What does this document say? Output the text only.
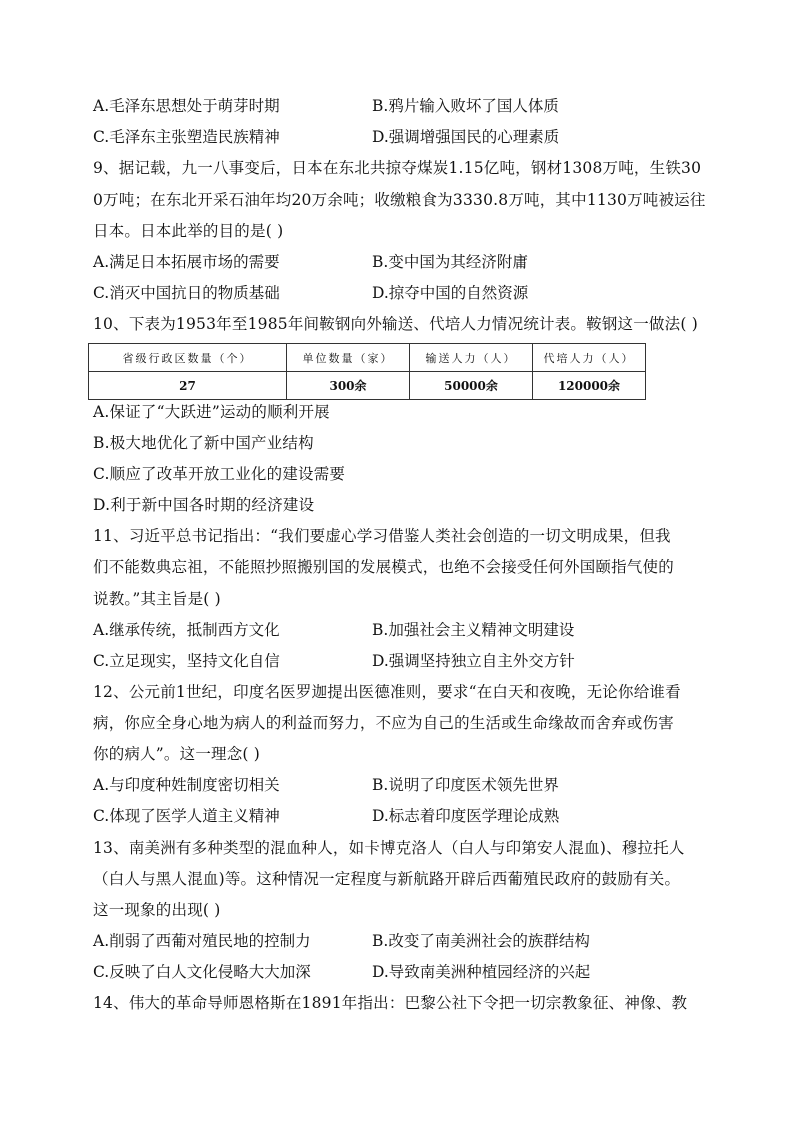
A.毛泽东思想处于萌芽时期	B.鸦片输入败坏了国人体质
C.毛泽东主张塑造民族精神	D.强调增强国民的心理素质
9、据记载，九一八事变后，日本在东北共掠夺煤炭1.15亿吨，钢材1308万吨，生铁30
0万吨；在东北开采石油年均20万余吨；收缴粮食为3330.8万吨，其中1130万吨被运往
日本。日本此举的目的是( )
A.满足日本拓展市场的需要	B.变中国为其经济附庸
C.消灭中国抗日的物质基础	D.掠夺中国的自然资源
10、下表为1953年至1985年间鞍钢向外输送、代培人力情况统计表。鞍钢这一做法( )
省级行政区数量（个）	单位数量（家）	输送人力（人）	代培人力（人）
27	300余	50000余	120000余
A.保证了“大跃进”运动的顺利开展
B.极大地优化了新中国产业结构
C.顺应了改革开放工业化的建设需要
D.利于新中国各时期的经济建设
11、习近平总书记指出：“我们要虚心学习借鉴人类社会创造的一切文明成果，但我
们不能数典忘祖，不能照抄照搬别国的发展模式，也绝不会接受任何外国颐指气使的
说教。”其主旨是( )
A.继承传统，抵制西方文化	B.加强社会主义精神文明建设
C.立足现实，坚持文化自信	D.强调坚持独立自主外交方针
12、公元前1世纪，印度名医罗迦提出医德准则，要求“在白天和夜晚，无论你给谁看
病，你应全身心地为病人的利益而努力，不应为自己的生活或生命缘故而舍弃或伤害
你的病人”。这一理念( )
A.与印度种姓制度密切相关	B.说明了印度医术领先世界
C.体现了医学人道主义精神	D.标志着印度医学理论成熟
13、南美洲有多种类型的混血种人，如卡博克洛人（白人与印第安人混血)、穆拉托人
（白人与黑人混血)等。这种情况一定程度与新航路开辟后西葡殖民政府的鼓励有关。
这一现象的出现( )
A.削弱了西葡对殖民地的控制力	B.改变了南美洲社会的族群结构
C.反映了白人文化侵略大大加深	D.导致南美洲种植园经济的兴起
14、伟大的革命导师恩格斯在1891年指出：巴黎公社下令把一切宗教象征、神像、教
